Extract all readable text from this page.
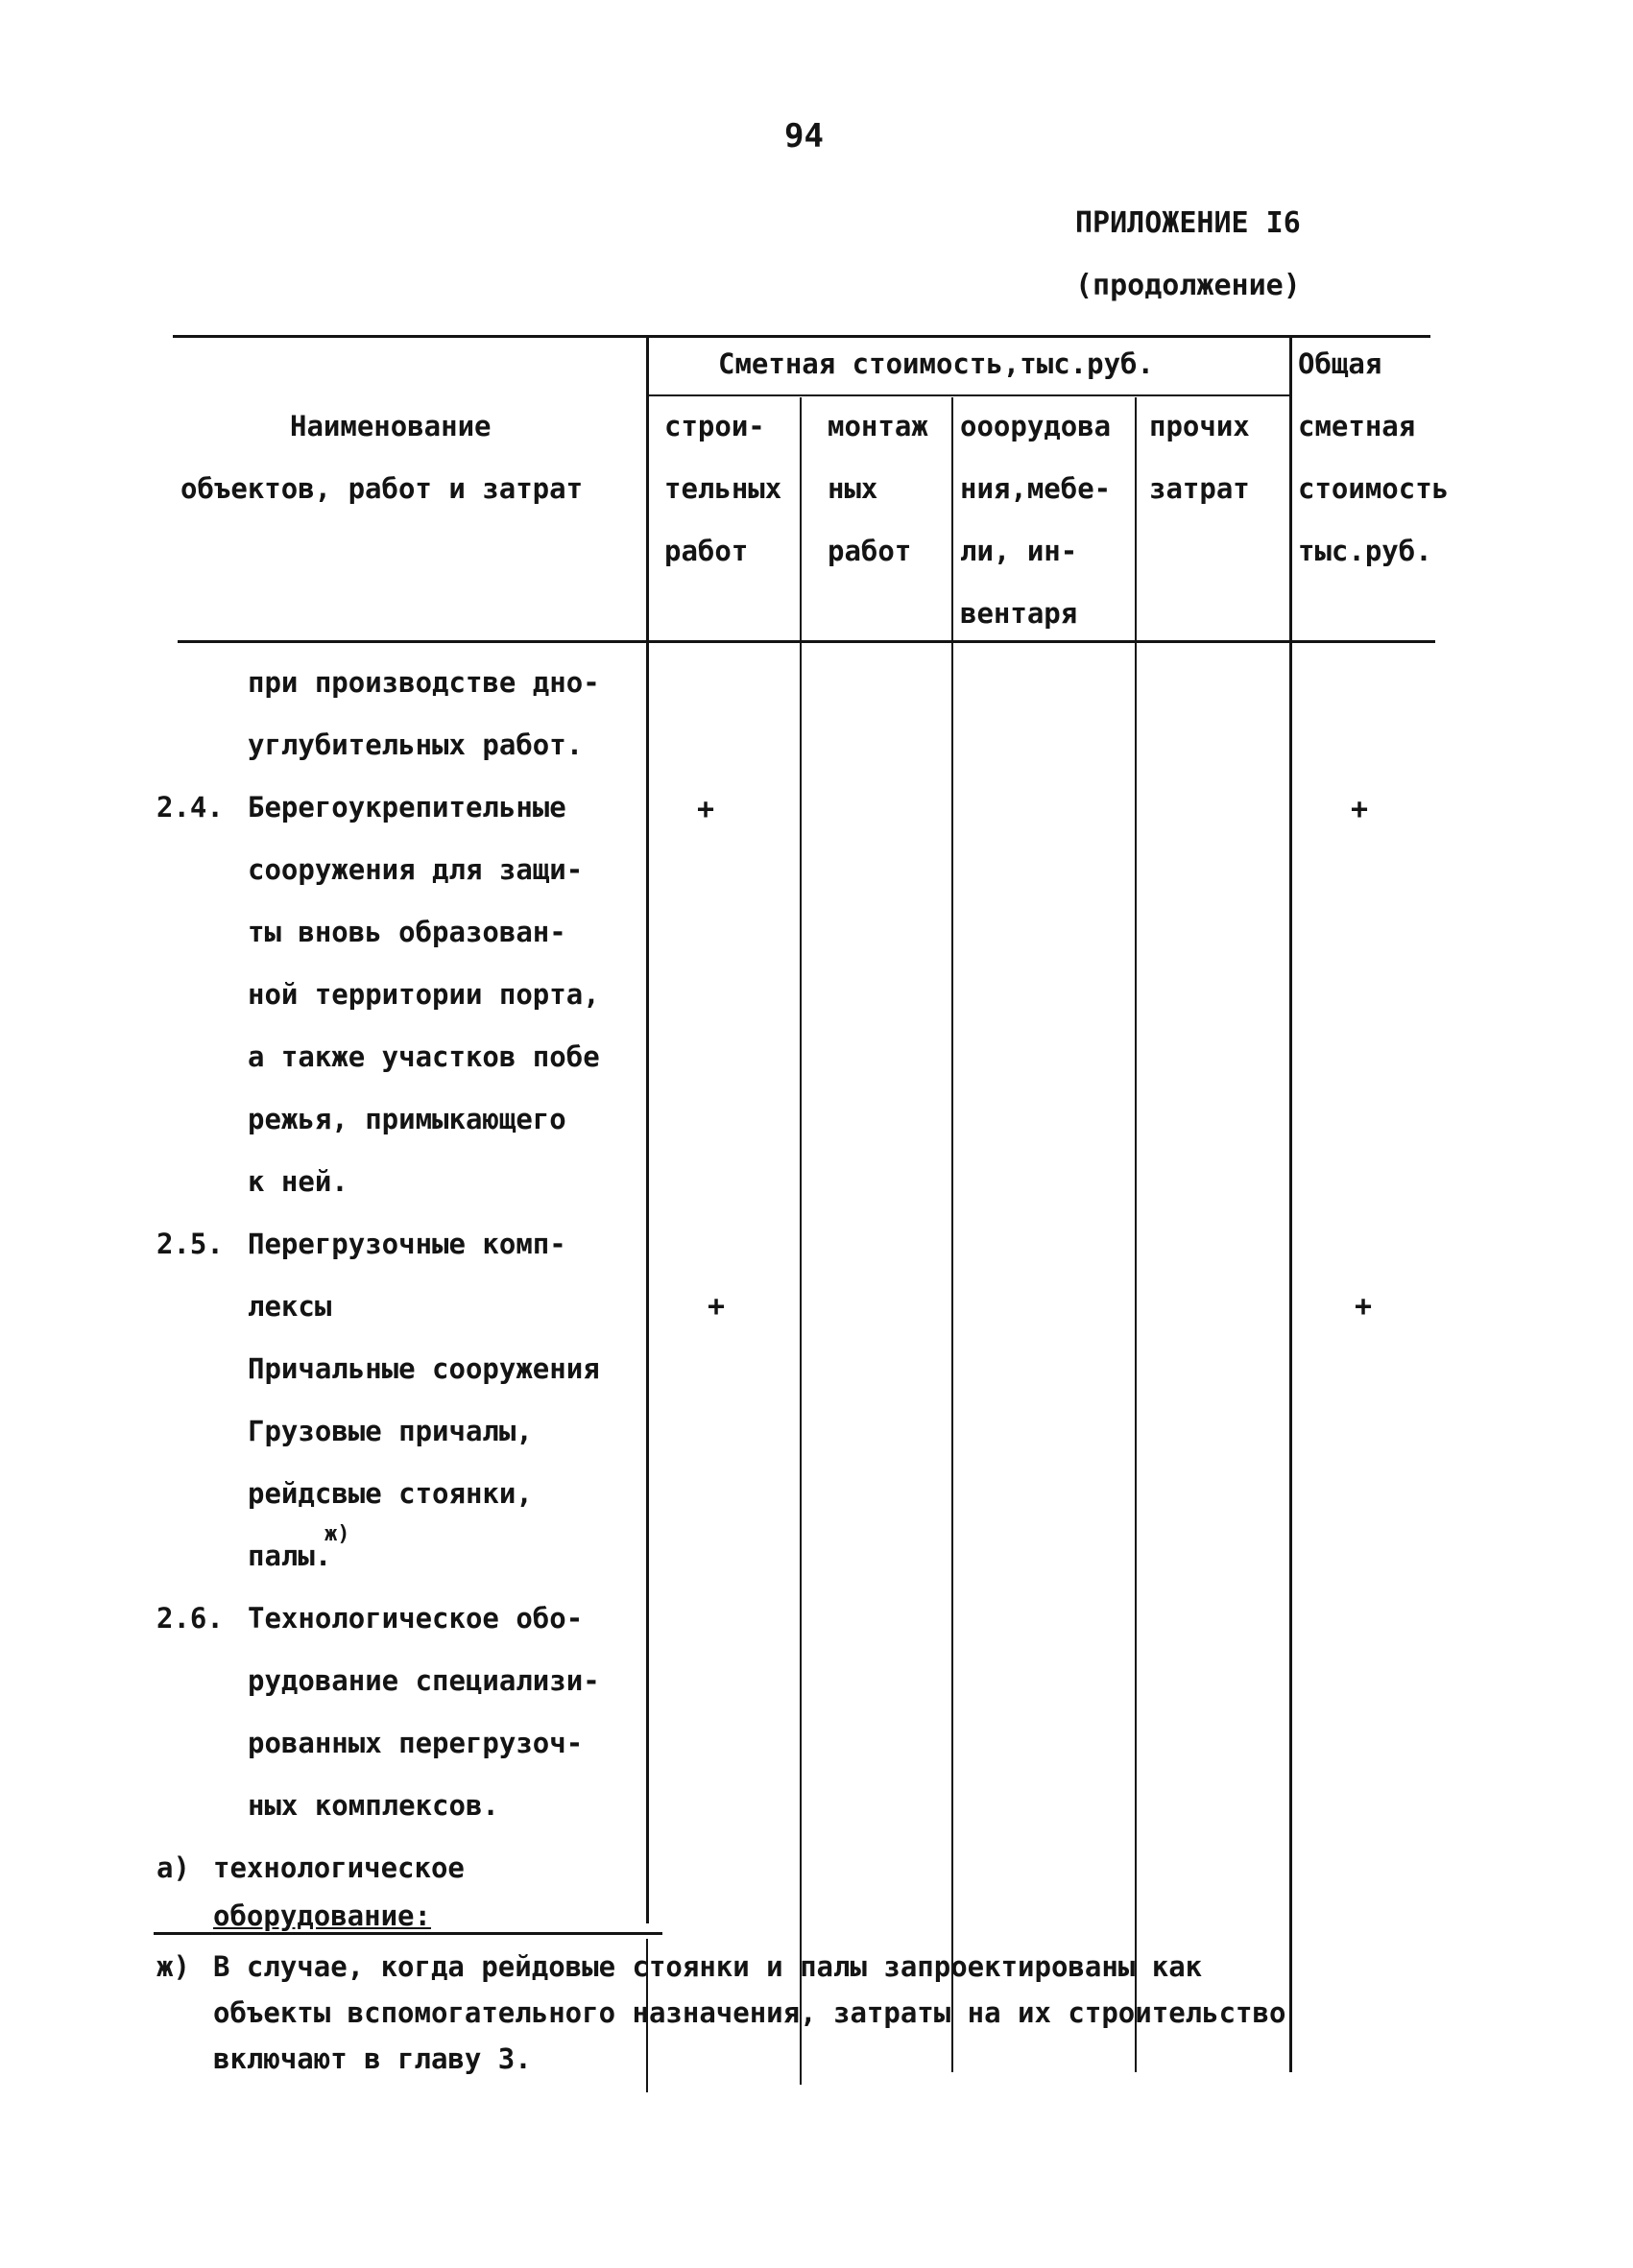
94
ПРИЛОЖЕНИЕ I6
(продолжение)
Наименование
объектов, работ и затрат
Сметная стоимость,тыс.руб.
строи-
тельных
работ
монтаж
ных
работ
ооорудова
ния,мебе-
ли, ин-
вентаря
прочих
затрат
Общая
сметная
стоимость
тыс.руб.
при производстве дно-
углубительных работ.
2.4. Берегоукрепительные
сооружения для защи-
ты вновь образован-
ной территории порта,
а также участков побе
режья, примыкающего
к ней.
+	+
2.5. Перегрузочные комп-
лексы
Причальные сооружения
Грузовые причалы,
рейдсвые стоянки,
палы.
ж)
+	+
2.6. Технологическое обо-
рудование специализи-
рованных перегрузоч-
ных комплексов.
а) технологическое
оборудование:
ж) В случае, когда рейдовые стоянки и палы запроектированы как
объекты вспомогательного назначения, затраты на их строительство
включают в главу 3.
